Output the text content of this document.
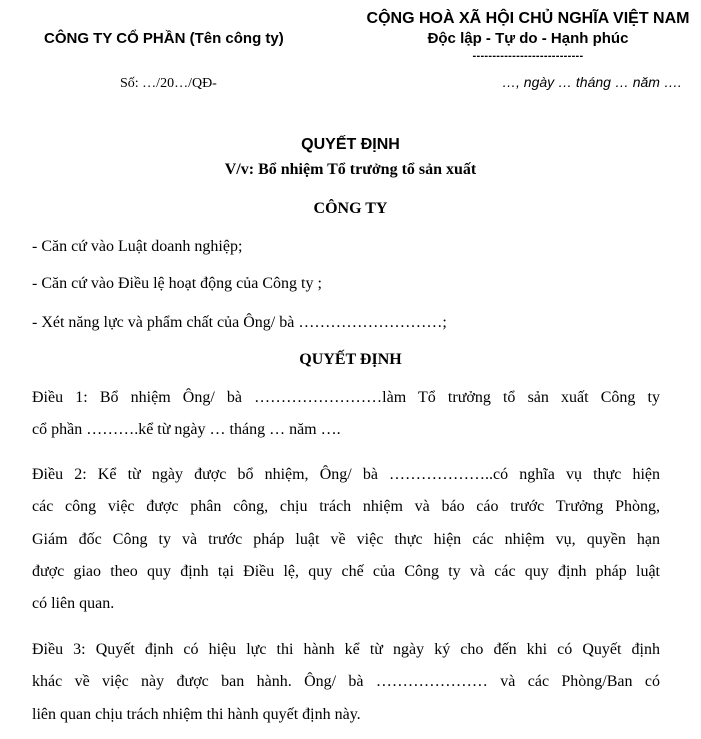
CÔNG TY CỔ PHẦN (Tên công ty)
CỘNG HOÀ XÃ HỘI CHỦ NGHĨA VIỆT NAM
Độc lập - Tự do - Hạnh phúc
----------------------------
Số: …/20…/QĐ-	…, ngày … tháng … năm ….
QUYẾT ĐỊNH
V/v: Bổ nhiệm Tổ trưởng tổ sản xuất
CÔNG TY
- Căn cứ vào Luật doanh nghiệp;
- Căn cứ vào Điều lệ hoạt động của Công ty ;
- Xét năng lực và phẩm chất của Ông/ bà ………………………;
QUYẾT ĐỊNH
Điều 1: Bổ nhiệm Ông/ bà ……………………làm Tổ trưởng tổ sản xuất Công ty
cổ phần ……….kể từ ngày … tháng … năm ….
Điều 2: Kể từ ngày được bổ nhiệm, Ông/ bà ………………..có nghĩa vụ thực hiện
các công việc được phân công, chịu trách nhiệm và báo cáo trước Trưởng Phòng,
Giám đốc Công ty và trước pháp luật về việc thực hiện các nhiệm vụ, quyền hạn
được giao theo quy định tại Điều lệ, quy chế của Công ty và các quy định pháp luật
có liên quan.
Điều 3: Quyết định có hiệu lực thi hành kể từ ngày ký cho đến khi có Quyết định
khác về việc này được ban hành. Ông/ bà ………………… và các Phòng/Ban có
liên quan chịu trách nhiệm thi hành quyết định này.
